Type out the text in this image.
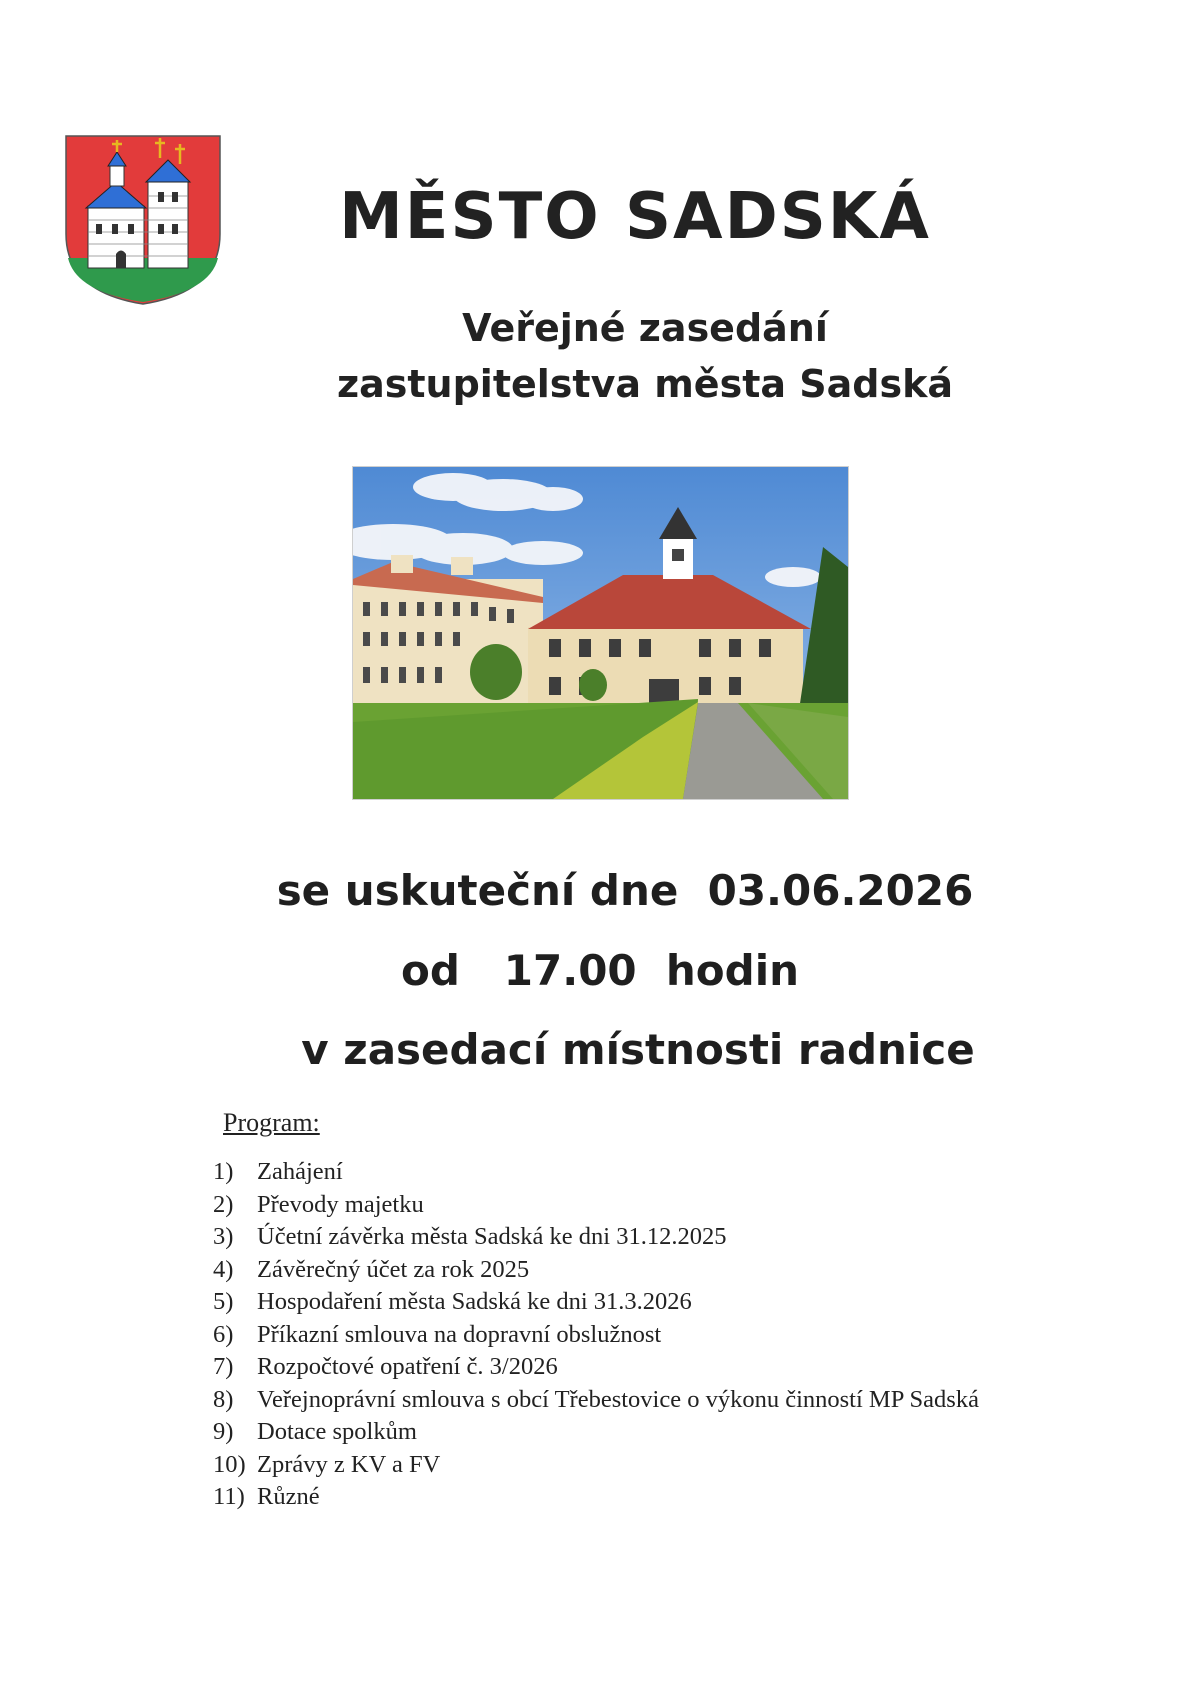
MĚSTO SADSKÁ
Veřejné zasedání
zastupitelstva města Sadská
se uskuteční dne  03.06.2026
od   17.00  hodin
v zasedací místnosti radnice
Program:
1) Zahájení
2) Převody majetku
3) Účetní závěrka města Sadská ke dni 31.12.2025
4) Závěrečný účet za rok 2025
5) Hospodaření města Sadská ke dni 31.3.2026
6) Příkazní smlouva na dopravní obslužnost
7) Rozpočtové opatření č. 3/2026
8) Veřejnoprávní smlouva s obcí Třebestovice o výkonu činností MP Sadská
9) Dotace spolkům
10) Zprávy z KV a FV
11) Různé
